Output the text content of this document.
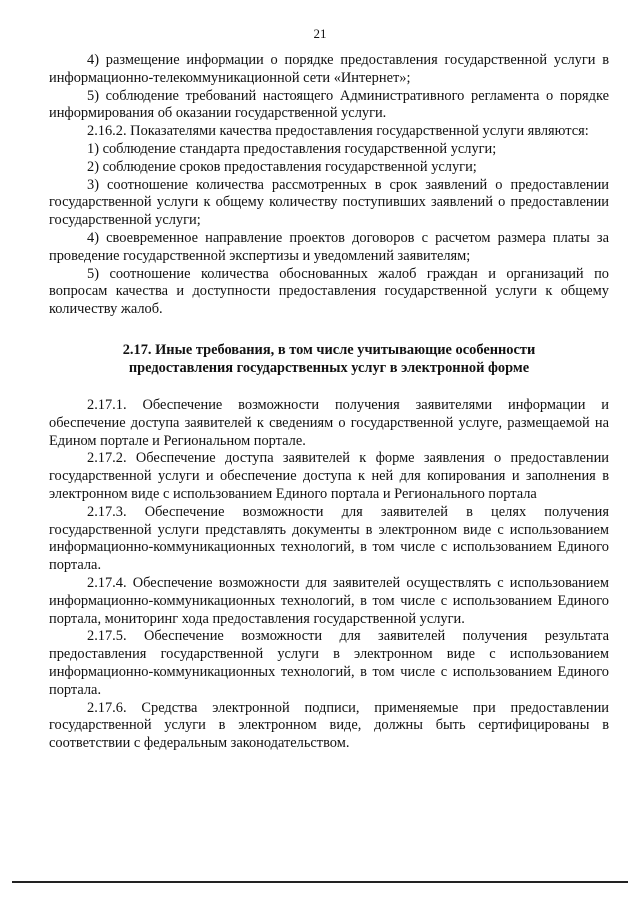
21

4) размещение информации о порядке предоставления государственной услуги в информационно-телекоммуникационной сети «Интернет»;

5) соблюдение требований настоящего Административного регламента о порядке информирования об оказании государственной услуги.

2.16.2. Показателями качества предоставления государственной услуги являются:

1) соблюдение стандарта предоставления государственной услуги;

2) соблюдение сроков предоставления государственной услуги;

3) соотношение количества рассмотренных в срок заявлений о предоставлении государственной услуги к общему количеству поступивших заявлений о предоставлении государственной услуги;

4) своевременное направление проектов договоров с расчетом размера платы за проведение государственной экспертизы и уведомлений заявителям;

5) соотношение количества обоснованных жалоб граждан и организаций по вопросам качества и доступности предоставления государственной услуги к общему количеству жалоб.

2.17. Иные требования, в том числе учитывающие особенности
предоставления государственных услуг в электронной форме

2.17.1. Обеспечение возможности получения заявителями информации и обеспечение доступа заявителей к сведениям о государственной услуге, размещаемой на Едином портале и Региональном портале.

2.17.2. Обеспечение доступа заявителей к форме заявления о предоставлении государственной услуги и обеспечение доступа к ней для копирования и заполнения в электронном виде с использованием Единого портала и Регионального портала

2.17.3. Обеспечение возможности для заявителей в целях получения государственной услуги представлять документы в электронном виде с использованием информационно-коммуникационных технологий, в том числе с использованием Единого портала.

2.17.4. Обеспечение возможности для заявителей осуществлять с использованием информационно-коммуникационных технологий, в том числе с использованием Единого портала, мониторинг хода предоставления государственной услуги.

2.17.5. Обеспечение возможности для заявителей получения результата предоставления государственной услуги в электронном виде с использованием информационно-коммуникационных технологий, в том числе с использованием Единого портала.

2.17.6. Средства электронной подписи, применяемые при предоставлении государственной услуги в электронном виде, должны быть сертифицированы в соответствии с федеральным законодательством.
